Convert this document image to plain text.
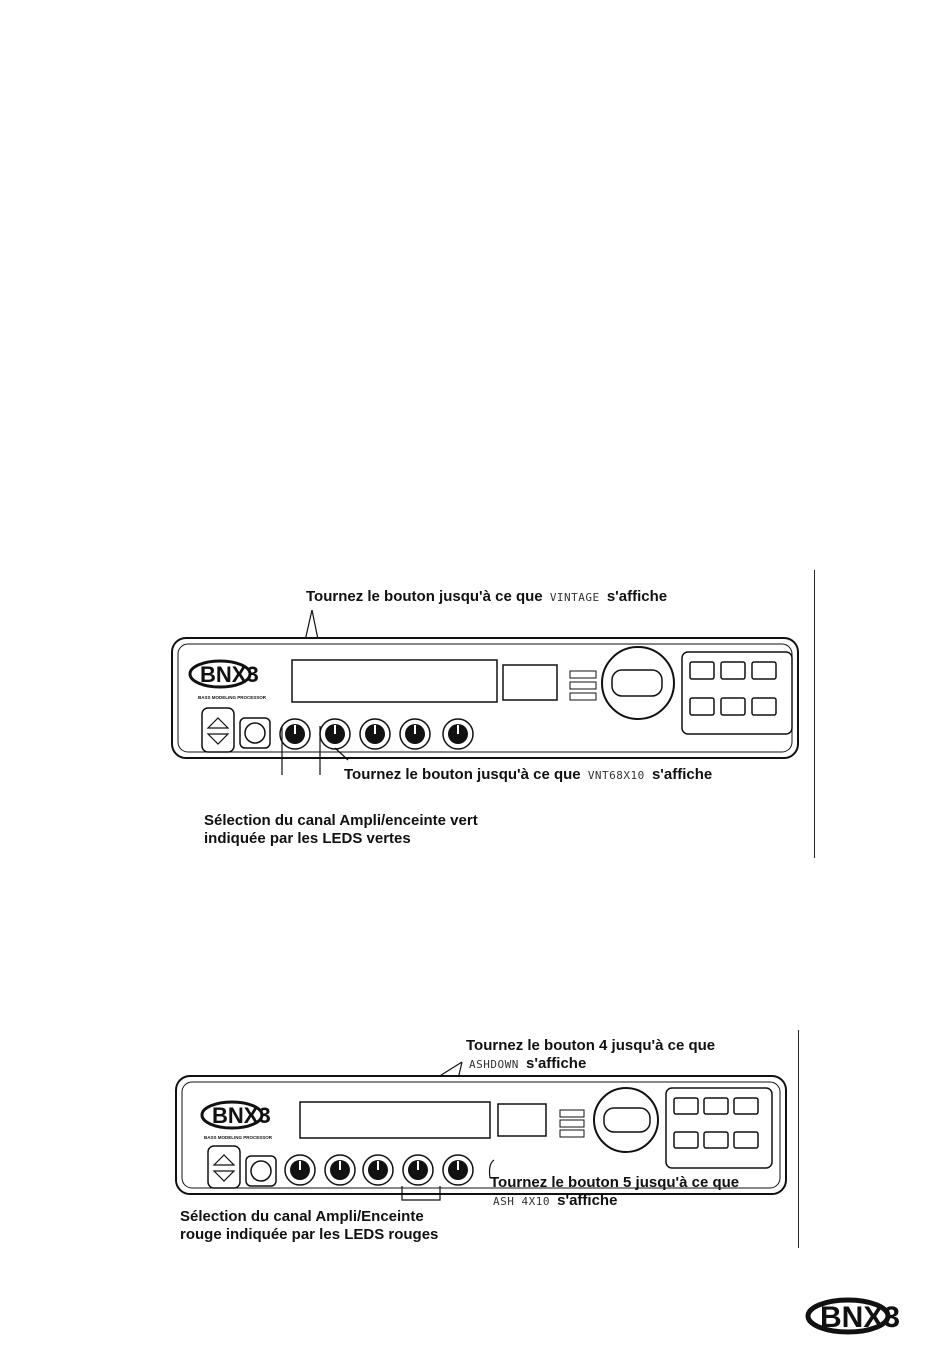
Tournez le bouton jusqu'à ce que VINTAGE s'affiche
BNX3
BASS MODELING PROCESSOR
Tournez le bouton jusqu'à ce que VNT68X10 s'affiche
Sélection du canal Ampli/enceinte vert
indiquée par les LEDS vertes
Tournez le bouton 4 jusqu'à ce que
ASHDOWN s'affiche
BNX3
BASS MODELING PROCESSOR
Tournez le bouton 5 jusqu'à ce que
ASH 4X10 s'affiche
Sélection du canal Ampli/Enceinte
rouge indiquée par les LEDS rouges
BNX3
